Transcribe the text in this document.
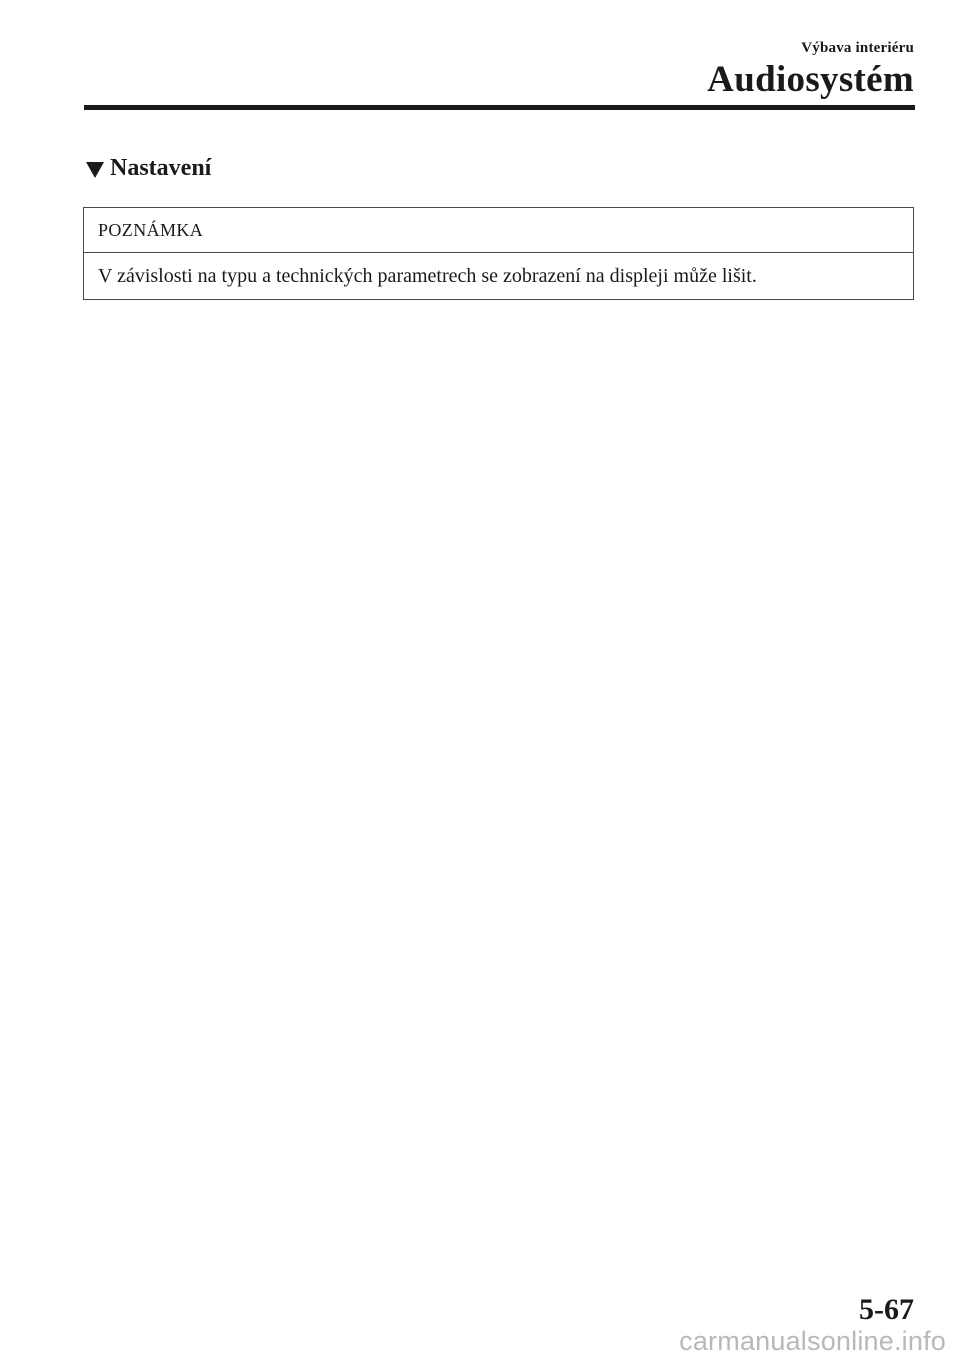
Výbava interiéru
Audiosystém
Nastavení
POZNÁMKA
V závislosti na typu a technických parametrech se zobrazení na displeji může lišit.
5-67
carmanualsonline.info
